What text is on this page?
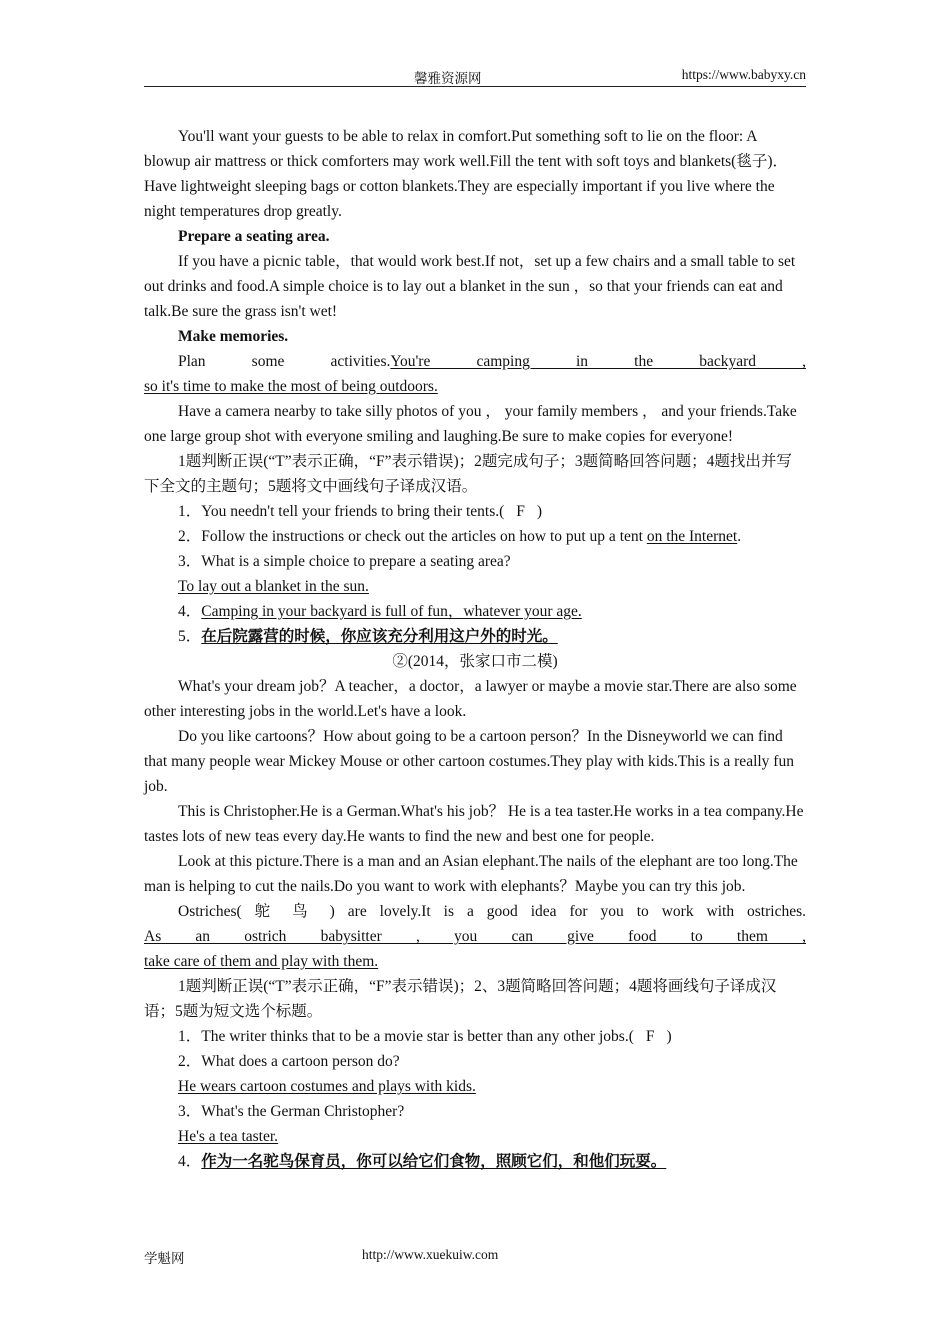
馨雅资源网	https://www.babyxy.cn

You'll want your guests to be able to relax in comfort.Put something soft to lie on the floor: A blowup air mattress or thick comforters may work well.Fill the tent with soft toys and blankets(毯子)．Have lightweight sleeping bags or cotton blankets.They are especially important if you live where the night temperatures drop greatly.

Prepare a seating area.

If you have a picnic table，that would work best.If not，set up a few chairs and a small table to set out drinks and food.A simple choice is to lay out a blanket in the sun ，so that your friends can eat and talk.Be sure the grass isn't wet!

Make memories.

Plan some activities.You're camping in the backyard ,

so it's time to make the most of being outdoors.

Have a camera nearby to take silly photos of you ， your family members ， and your friends.Take one large group shot with everyone smiling and laughing.Be sure to make copies for everyone!

1题判断正误(“T”表示正确，“F”表示错误)；2题完成句子；3题简略回答问题；4题找出并写下全文的主题句；5题将文中画线句子译成汉语。

1．You needn't tell your friends to bring their tents.( F )

2．Follow the instructions or check out the articles on how to put up a tent on the Internet.

3．What is a simple choice to prepare a seating area?

To lay out a blanket in the sun.

4．Camping in your backyard is full of fun，whatever your age.

5．在后院露营的时候，你应该充分利用这户外的时光。

②(2014，张家口市二模)

What's your dream job？A teacher，a doctor，a lawyer or maybe a movie star.There are also some other interesting jobs in the world.Let's have a look.

Do you like cartoons？How about going to be a cartoon person？In the Disneyworld we can find that many people wear Mickey Mouse or other cartoon costumes.They play with kids.This is a really fun job.

This is Christopher.He is a German.What's his job？ He is a tea taster.He works in a tea company.He tastes lots of new teas every day.He wants to find the new and best one for people.

Look at this picture.There is a man and an Asian elephant.The nails of the elephant are too long.The man is helping to cut the nails.Do you want to work with elephants？Maybe you can try this job.

Ostriches( 鸵 鸟 ) are lovely.It is a good idea for you to work with ostriches.

As an ostrich babysitter , you can give food to them ,

take care of them and play with them.

1题判断正误(“T”表示正确，“F”表示错误)；2、3题简略回答问题；4题将画线句子译成汉语；5题为短文选个标题。

1．The writer thinks that to be a movie star is better than any other jobs.( F )

2．What does a cartoon person do?

He wears cartoon costumes and plays with kids.

3．What's the German Christopher?

He's a tea taster.

4．作为一名驼鸟保育员，你可以给它们食物，照顾它们，和他们玩耍。

学魁网	http://www.xuekuiw.com
